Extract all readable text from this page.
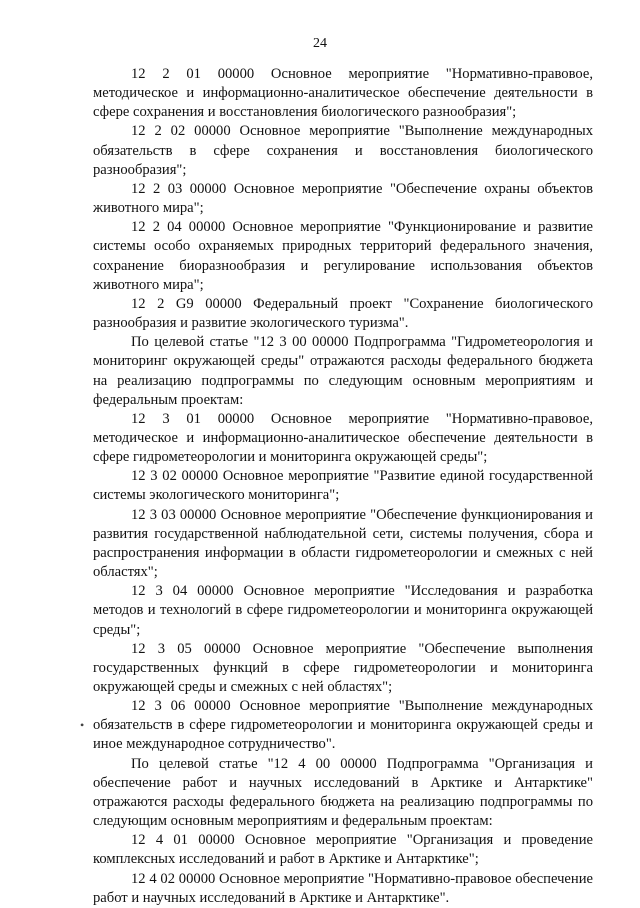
24
•

12 2 01 00000 Основное мероприятие "Нормативно-правовое, методическое и информационно-аналитическое обеспечение деятельности в сфере сохранения и восстановления биологического разнообразия";

12 2 02 00000 Основное мероприятие "Выполнение международных обязательств в сфере сохранения и восстановления биологического разнообразия";

12 2 03 00000 Основное мероприятие "Обеспечение охраны объектов животного мира";

12 2 04 00000 Основное мероприятие "Функционирование и развитие системы особо охраняемых природных территорий федерального значения, сохранение биоразнообразия и регулирование использования объектов животного мира";

12 2 G9 00000 Федеральный проект "Сохранение биологического разнообразия и развитие экологического туризма".

По целевой статье "12 3 00 00000 Подпрограмма "Гидрометеорология и мониторинг окружающей среды" отражаются расходы федерального бюджета на реализацию подпрограммы по следующим основным мероприятиям и федеральным проектам:

12 3 01 00000 Основное мероприятие "Нормативно-правовое, методическое и информационно-аналитическое обеспечение деятельности в сфере гидрометеорологии и мониторинга окружающей среды";

12 3 02 00000 Основное мероприятие "Развитие единой государственной системы экологического мониторинга";

12 3 03 00000 Основное мероприятие "Обеспечение функционирования и развития государственной наблюдательной сети, системы получения, сбора и распространения информации в области гидрометеорологии и смежных с ней областях";

12 3 04 00000 Основное мероприятие "Исследования и разработка методов и технологий в сфере гидрометеорологии и мониторинга окружающей среды";

12 3 05 00000 Основное мероприятие "Обеспечение выполнения государственных функций в сфере гидрометеорологии и мониторинга окружающей среды и смежных с ней областях";

12 3 06 00000 Основное мероприятие "Выполнение международных обязательств в сфере гидрометеорологии и мониторинга окружающей среды и иное международное сотрудничество".

По целевой статье "12 4 00 00000 Подпрограмма "Организация и обеспечение работ и научных исследований в Арктике и Антарктике" отражаются расходы федерального бюджета на реализацию подпрограммы по следующим основным мероприятиям и федеральным проектам:

12 4 01 00000 Основное мероприятие "Организация и проведение комплексных исследований и работ в Арктике и Антарктике";

12 4 02 00000 Основное мероприятие "Нормативно-правовое обеспечение работ и научных исследований в Арктике и Антарктике".
